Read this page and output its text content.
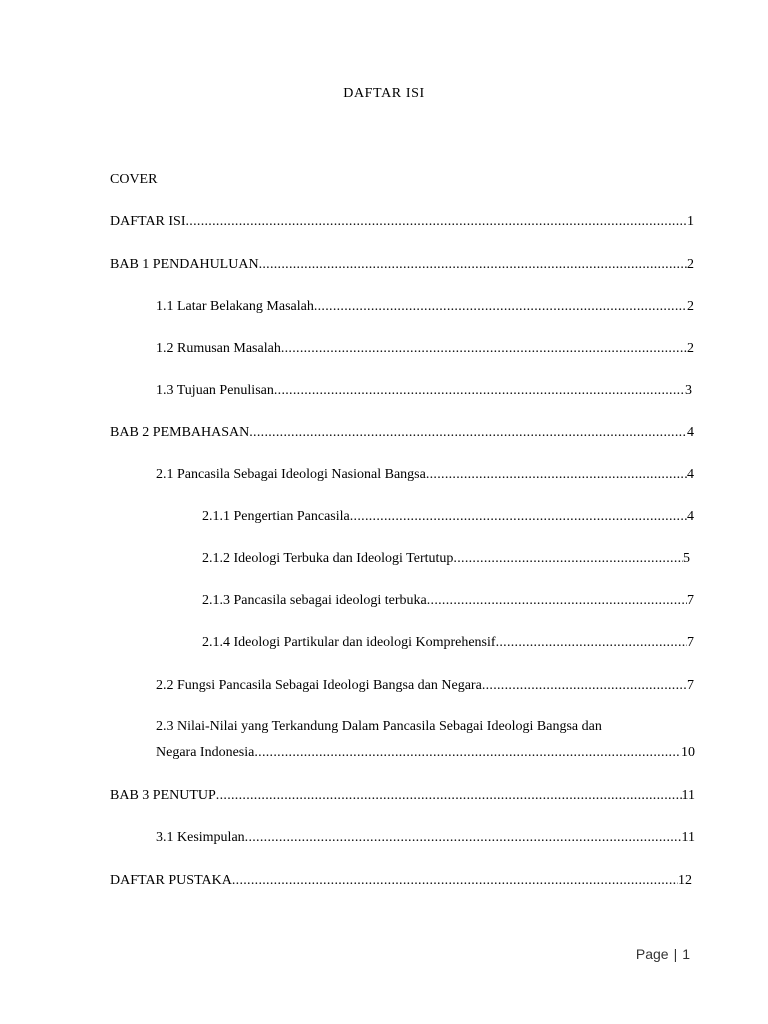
DAFTAR ISI
COVER
DAFTAR ISI .....	1
BAB 1 PENDAHULUAN .....	2
1.1 Latar Belakang Masalah .....	2
1.2 Rumusan Masalah .....	2
1.3 Tujuan Penulisan .....	3
BAB 2 PEMBAHASAN .....	4
2.1 Pancasila Sebagai Ideologi Nasional Bangsa .....	4
2.1.1 Pengertian Pancasila .....	4
2.1.2 Ideologi Terbuka dan Ideologi Tertutup .....	5
2.1.3 Pancasila sebagai ideologi terbuka .....	7
2.1.4 Ideologi Partikular dan ideologi Komprehensif .....	7
2.2 Fungsi Pancasila Sebagai Ideologi Bangsa dan Negara .....	7
2.3 Nilai-Nilai yang Terkandung Dalam Pancasila Sebagai Ideologi Bangsa dan
Negara Indonesia .....	10
BAB 3 PENUTUP .....	11
3.1 Kesimpulan .....	11
DAFTAR PUSTAKA .....	12
Page | 1
